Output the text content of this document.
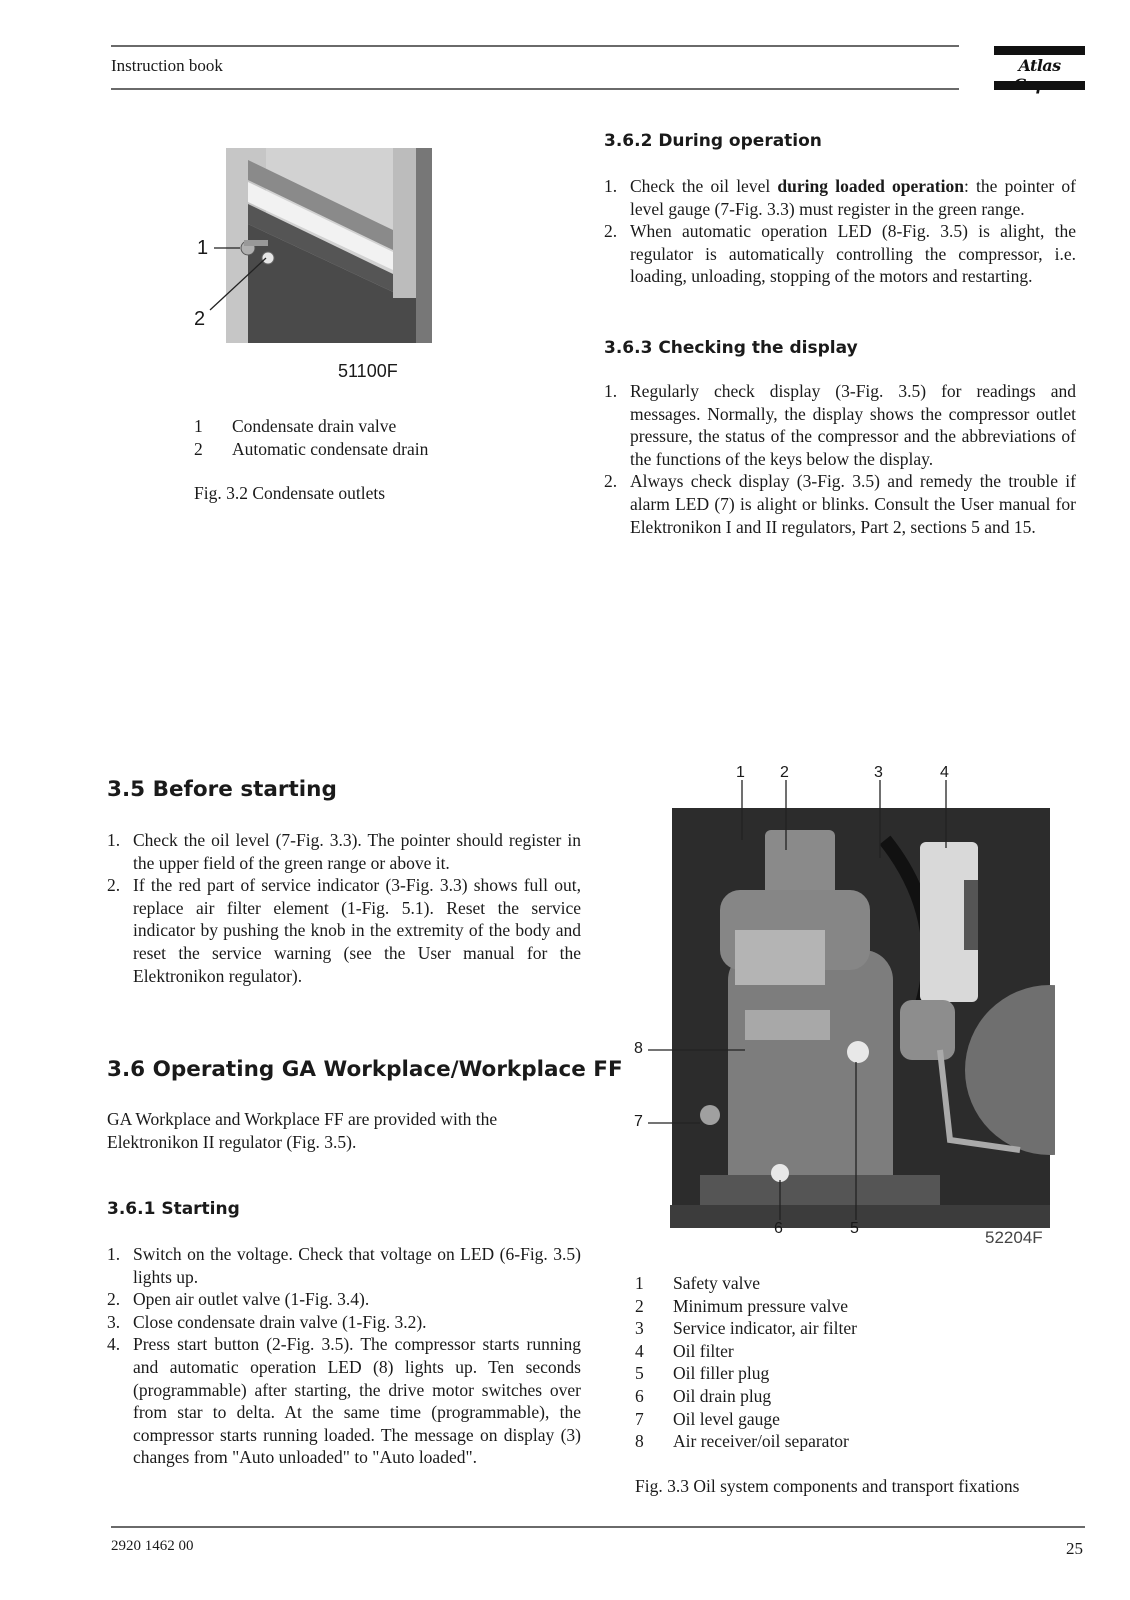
Instruction book	Atlas
1
2
51100F
1	Condensate drain valve
2	Automatic condensate drain
Fig. 3.2 Condensate outlets
3.6.2 During operation
1. Check the oil level during loaded operation: the pointer of level gauge (7-Fig. 3.3) must register in the green range.
2. When automatic operation LED (8-Fig. 3.5) is alight, the regulator is automatically controlling the compressor, i.e. loading, unloading, stopping of the motors and restarting.
3.6.3 Checking the display
1. Regularly check display (3-Fig. 3.5) for readings and messages. Normally, the display shows the compressor outlet pressure, the status of the compressor and the abbreviations of the functions of the keys below the display.
2. Always check display (3-Fig. 3.5) and remedy the trouble if alarm LED (7) is alight or blinks. Consult the User manual for Elektronikon I and II regulators, Part 2, sections 5 and 15.
3.5 Before starting
1. Check the oil level (7-Fig. 3.3). The pointer should register in the upper field of the green range or above it.
2. If the red part of service indicator (3-Fig. 3.3) shows full out, replace air filter element (1-Fig. 5.1). Reset the service indicator by pushing the knob in the extremity of the body and reset the service warning (see the User manual for the Elektronikon regulator).
3.6 Operating GA Workplace/Workplace FF
GA Workplace and Workplace FF are provided with the Elektronikon II regulator (Fig. 3.5).
3.6.1 Starting
1. Switch on the voltage. Check that voltage on LED (6-Fig. 3.5) lights up.
2. Open air outlet valve (1-Fig. 3.4).
3. Close condensate drain valve (1-Fig. 3.2).
4. Press start button (2-Fig. 3.5). The compressor starts running and automatic operation LED (8) lights up. Ten seconds (programmable) after starting, the drive motor switches over from star to delta. At the same time (programmable), the compressor starts running loaded. The message on display (3) changes from "Auto unloaded" to "Auto loaded".
1 2	3	4
8
7
6	5	52204F
1	Safety valve
2	Minimum pressure valve
3	Service indicator, air filter
4	Oil filter
5	Oil filler plug
6	Oil drain plug
7	Oil level gauge
8	Air receiver/oil separator
Fig. 3.3 Oil system components and transport fixations
2920 1462 00	25
